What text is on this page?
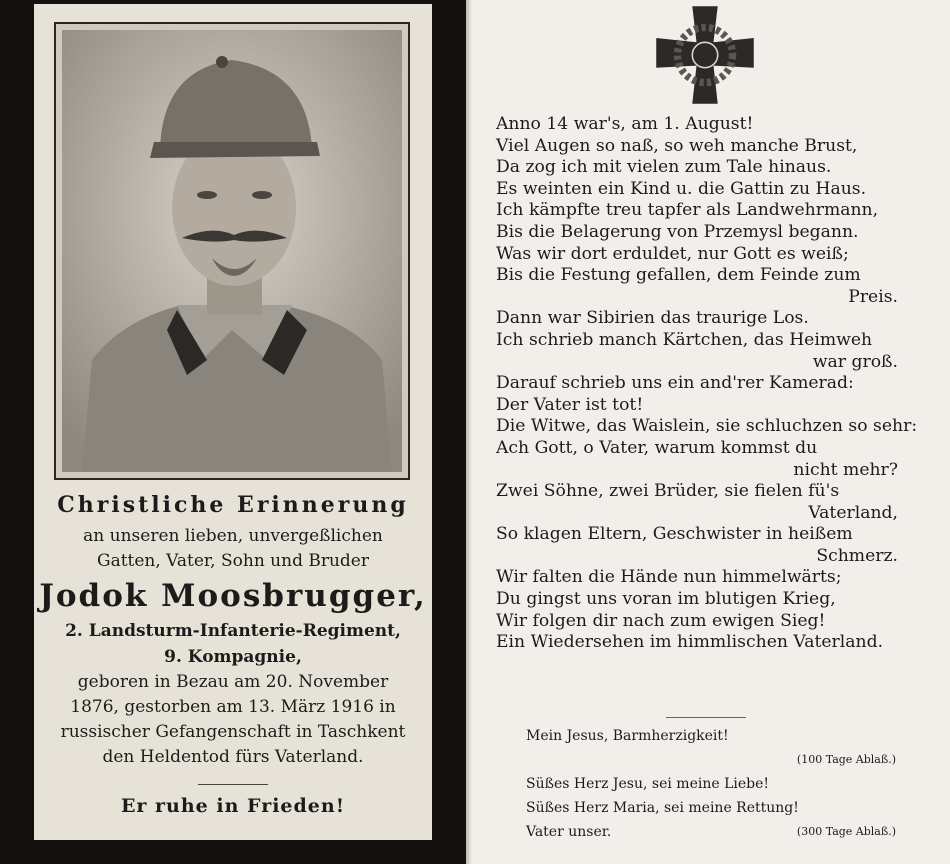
Christliche Erinnerung
an unseren lieben, unvergeßlichen
Gatten, Vater, Sohn und Bruder
Jodok Moosbrugger,
2. Landsturm-Infanterie-Regiment,
9. Kompagnie,
geboren in Bezau am 20. November
1876, gestorben am 13. März 1916 in
russischer Gefangenschaft in Taschkent
den Heldentod fürs Vaterland.
Er ruhe in Frieden!
Anno 14 war's, am 1. August!
Viel Augen so naß, so weh manche Brust,
Da zog ich mit vielen zum Tale hinaus.
Es weinten ein Kind u. die Gattin zu Haus.
Ich kämpfte treu tapfer als Landwehrmann,
Bis die Belagerung von Przemysl begann.
Was wir dort erduldet, nur Gott es weiß;
Bis die Festung gefallen, dem Feinde zum
Preis.
Dann war Sibirien das traurige Los.
Ich schrieb manch Kärtchen, das Heimweh
war groß.
Darauf schrieb uns ein and'rer Kamerad:
Der Vater ist tot!
Die Witwe, das Waislein, sie schluchzen so sehr:
Ach Gott, o Vater, warum kommst du
nicht mehr?
Zwei Söhne, zwei Brüder, sie fielen fü's
Vaterland,
So klagen Eltern, Geschwister in heißem
Schmerz.
Wir falten die Hände nun himmelwärts;
Du gingst uns voran im blutigen Krieg,
Wir folgen dir nach zum ewigen Sieg!
Ein Wiedersehen im himmlischen Vaterland.
Mein Jesus, Barmherzigkeit!
(100 Tage Ablaß.)
Süßes Herz Jesu, sei meine Liebe!
Süßes Herz Maria, sei meine Rettung!
Vater unser.	(300 Tage Ablaß.)
